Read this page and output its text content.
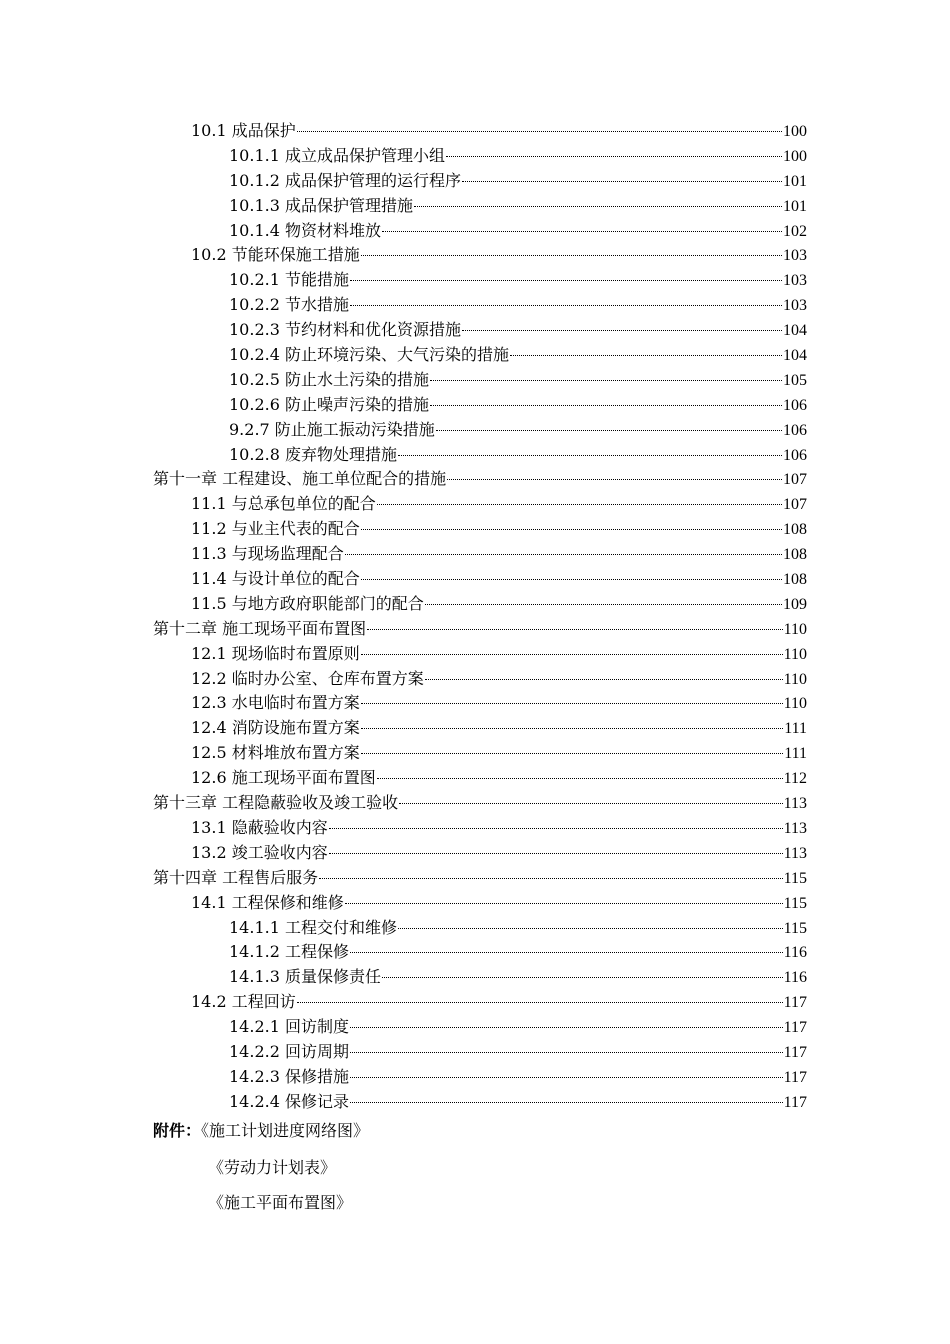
10.1 成品保护	100
10.1.1 成立成品保护管理小组	100
10.1.2 成品保护管理的运行程序	101
10.1.3 成品保护管理措施	101
10.1.4 物资材料堆放	102
10.2 节能环保施工措施	103
10.2.1 节能措施	103
10.2.2 节水措施	103
10.2.3 节约材料和优化资源措施	104
10.2.4 防止环境污染、大气污染的措施	104
10.2.5 防止水土污染的措施	105
10.2.6 防止噪声污染的措施	106
9.2.7 防止施工振动污染措施	106
10.2.8 废弃物处理措施	106
第十一章 工程建设、施工单位配合的措施	107
11.1 与总承包单位的配合	107
11.2 与业主代表的配合	108
11.3 与现场监理配合	108
11.4 与设计单位的配合	108
11.5 与地方政府职能部门的配合	109
第十二章 施工现场平面布置图	110
12.1 现场临时布置原则	110
12.2 临时办公室、仓库布置方案	110
12.3 水电临时布置方案	110
12.4 消防设施布置方案	111
12.5 材料堆放布置方案	111
12.6 施工现场平面布置图	112
第十三章 工程隐蔽验收及竣工验收	113
13.1 隐蔽验收内容	113
13.2 竣工验收内容	113
第十四章 工程售后服务	115
14.1 工程保修和维修	115
14.1.1 工程交付和维修	115
14.1.2 工程保修	116
14.1.3 质量保修责任	116
14.2 工程回访	117
14.2.1 回访制度	117
14.2.2 回访周期	117
14.2.3 保修措施	117
14.2.4 保修记录	117
附件：《施工计划进度网络图》
《劳动力计划表》
《施工平面布置图》
